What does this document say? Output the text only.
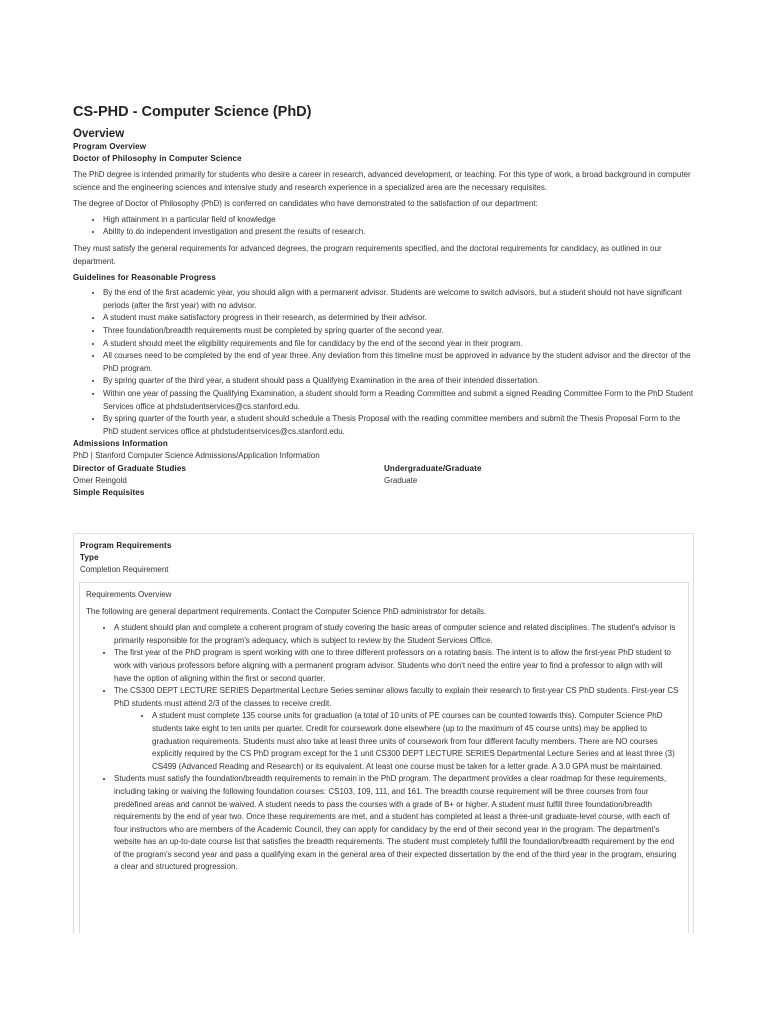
CS-PHD - Computer Science (PhD)
Overview
Program Overview
Doctor of Philosophy in Computer Science

The PhD degree is intended primarily for students who desire a career in research, advanced development, or teaching. For this type of work, a broad background in computer science and the engineering sciences and intensive study and research experience in a specialized area are the necessary requisites.

The degree of Doctor of Philosophy (PhD) is conferred on candidates who have demonstrated to the satisfaction of our department:

• High attainment in a particular field of knowledge
• Ability to do independent investigation and present the results of research.

They must satisfy the general requirements for advanced degrees, the program requirements specified, and the doctoral requirements for candidacy, as outlined in our department.

Guidelines for Reasonable Progress
• By the end of the first academic year, you should align with a permanent advisor. Students are welcome to switch advisors, but a student should not have significant periods (after the first year) with no advisor.
• A student must make satisfactory progress in their research, as determined by their advisor.
• Three foundation/breadth requirements must be completed by spring quarter of the second year.
• A student should meet the eligibility requirements and file for candidacy by the end of the second year in their program.
• All courses need to be completed by the end of year three. Any deviation from this timeline must be approved in advance by the student advisor and the director of the PhD program.
• By spring quarter of the third year, a student should pass a Qualifying Examination in the area of their intended dissertation.
• Within one year of passing the Qualifying Examination, a student should form a Reading Committee and submit a signed Reading Committee Form to the PhD Student Services office at phdstudentservices@cs.stanford.edu.
• By spring quarter of the fourth year, a student should schedule a Thesis Proposal with the reading committee members and submit the Thesis Proposal Form to the PhD student services office at phdstudentservices@cs.stanford.edu.
Admissions Information

PhD | Stanford Computer Science Admissions/Application Information

Director of Graduate Studies

Omer Reingold

Undergraduate/Graduate

Graduate

Simple Requisites
Program Requirements
Type

Completion Requirement

Requirements Overview

The following are general department requirements. Contact the Computer Science PhD administrator for details.

• A student should plan and complete a coherent program of study covering the basic areas of computer science and related disciplines. The student's advisor is primarily responsible for the program's adequacy, which is subject to review by the Student Services Office.
• The first year of the PhD program is spent working with one to three different professors on a rotating basis. The intent is to allow the first-year PhD student to work with various professors before aligning with a permanent program advisor. Students who don't need the entire year to find a professor to align with will have the option of aligning within the first or second quarter.
• The CS300 DEPT LECTURE SERIES Departmental Lecture Series seminar allows faculty to explain their research to first-year CS PhD students. First-year CS PhD students must attend 2/3 of the classes to receive credit.
• A student must complete 135 course units for graduation (a total of 10 units of PE courses can be counted towards this). Computer Science PhD students take eight to ten units per quarter. Credit for coursework done elsewhere (up to the maximum of 45 course units) may be applied to graduation requirements. Students must also take at least three units of coursework from four different faculty members. There are NO courses explicitly required by the CS PhD program except for the 1 unit CS300 DEPT LECTURE SERIES Departmental Lecture Series and at least three (3) CS499 (Advanced Reading and Research) or its equivalent. At least one course must be taken for a letter grade. A 3.0 GPA must be maintained.
• Students must satisfy the foundation/breadth requirements to remain in the PhD program. The department provides a clear roadmap for these requirements, including taking or waiving the following foundation courses: CS103, 109, 111, and 161. The breadth course requirement will be three courses from four predefined areas and cannot be waived. A student needs to pass the courses with a grade of B+ or higher. A student must fulfill three foundation/breadth requirements by the end of year two. Once these requirements are met, and a student has completed at least a three-unit graduate-level course, with each of four instructors who are members of the Academic Council, they can apply for candidacy by the end of their second year in the program. The department's website has an up-to-date course list that satisfies the breadth requirements. The student must completely fulfill the foundation/breadth requirement by the end of the program's second year and pass a qualifying exam in the general area of their expected dissertation by the end of the third year in the program, ensuring a clear and structured progression.
